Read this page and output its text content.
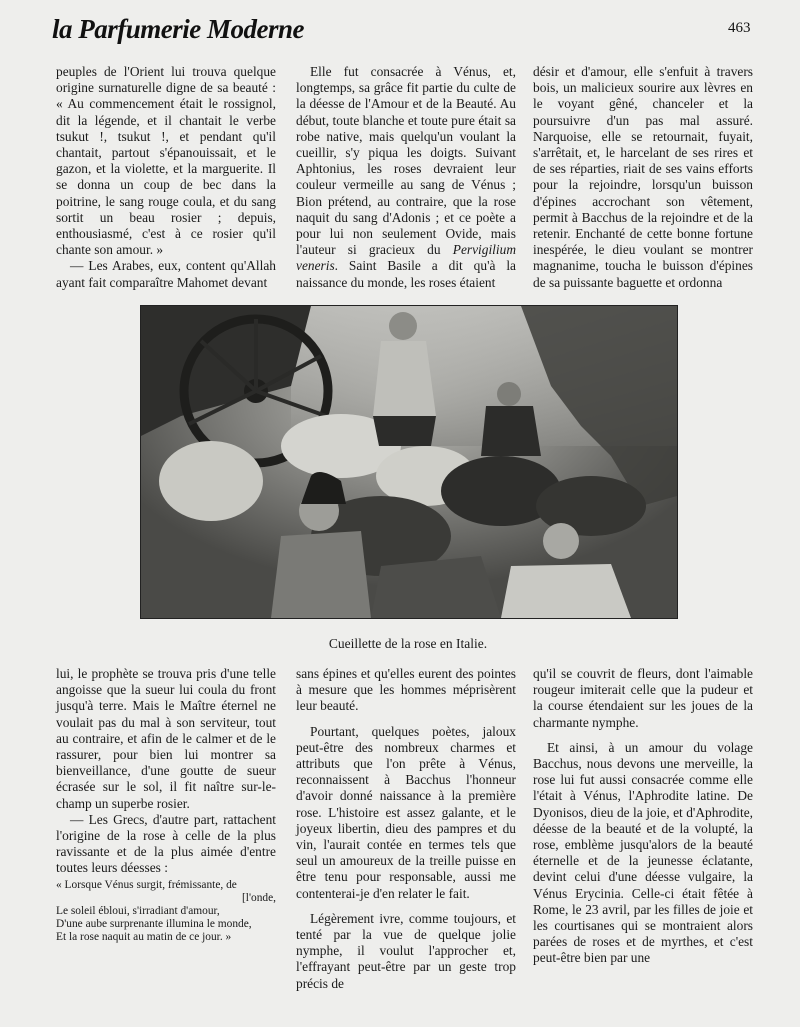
la Parfumerie Moderne	463

peuples de l'Orient lui trouva quelque origine surnaturelle digne de sa beauté : « Au commencement était le rossignol, dit la légende, et il chantait le verbe tsukut !, tsukut !, et pendant qu'il chantait, partout s'épanouissait, et le gazon, et la violette, et la marguerite. Il se donna un coup de bec dans la poitrine, le sang rouge coula, et du sang sortit un beau rosier ; depuis, enthousiasmé, c'est à ce rosier qu'il chante son amour. »

— Les Arabes, eux, content qu'Allah ayant fait comparaître Mahomet devant

Elle fut consacrée à Vénus, et, longtemps, sa grâce fit partie du culte de la déesse de l'Amour et de la Beauté. Au début, toute blanche et toute pure était sa robe native, mais quelqu'un voulant la cueillir, s'y piqua les doigts. Suivant Aphtonius, les roses devraient leur couleur vermeille au sang de Vénus ; Bion prétend, au contraire, que la rose naquit du sang d'Adonis ; et ce poète a pour lui non seulement Ovide, mais l'auteur si gracieux du Pervigilium veneris. Saint Basile a dit qu'à la naissance du monde, les roses étaient

désir et d'amour, elle s'enfuit à travers bois, un malicieux sourire aux lèvres en le voyant gêné, chanceler et la poursuivre d'un pas mal assuré. Narquoise, elle se retournait, fuyait, s'arrêtait, et, le harcelant de ses rires et de ses réparties, riait de ses vains efforts pour la rejoindre, lorsqu'un buisson d'épines accrochant son vêtement, permit à Bacchus de la rejoindre et de la retenir. Enchanté de cette bonne fortune inespérée, le dieu voulant se montrer magnanime, toucha le buisson d'épines de sa puissante baguette et ordonna

Cueillette de la rose en Italie.

lui, le prophète se trouva pris d'une telle angoisse que la sueur lui coula du front jusqu'à terre. Mais le Maître éternel ne voulait pas du mal à son serviteur, tout au contraire, et afin de le calmer et de le rassurer, pour bien lui montrer sa bienveillance, d'une goutte de sueur écrasée sur le sol, il fit naître sur-le-champ un superbe rosier.

— Les Grecs, d'autre part, rattachent l'origine de la rose à celle de la plus ravissante et de la plus aimée d'entre toutes leurs déesses :

« Lorsque Vénus surgit, frémissante, de
[l'onde,
Le soleil ébloui, s'irradiant d'amour,
D'une aube surprenante illumina le monde,
Et la rose naquit au matin de ce jour. »

sans épines et qu'elles eurent des pointes à mesure que les hommes méprisèrent leur beauté.

Pourtant, quelques poètes, jaloux peut-être des nombreux charmes et attributs que l'on prête à Vénus, reconnaissent à Bacchus l'honneur d'avoir donné naissance à la première rose. L'histoire est assez galante, et le joyeux libertin, dieu des pampres et du vin, l'aurait contée en termes tels que seul un amoureux de la treille puisse en être tenu pour responsable, aussi me contenterai-je d'en relater le fait.

Légèrement ivre, comme toujours, et tenté par la vue de quelque jolie nymphe, il voulut l'approcher et, l'effrayant peut-être par un geste trop précis de

qu'il se couvrit de fleurs, dont l'aimable rougeur imiterait celle que la pudeur et la course étendaient sur les joues de la charmante nymphe.

Et ainsi, à un amour du volage Bacchus, nous devons une merveille, la rose lui fut aussi consacrée comme elle l'était à Vénus, l'Aphrodite latine. De Dyonisos, dieu de la joie, et d'Aphrodite, déesse de la beauté et de la volupté, la rose, emblème jusqu'alors de la beauté éternelle et de la jeunesse éclatante, devint celui d'une déesse vulgaire, la Vénus Erycinia. Celle-ci était fêtée à Rome, le 23 avril, par les filles de joie et les courtisanes qui se montraient alors parées de roses et de myrthes, et c'est peut-être bien par une
